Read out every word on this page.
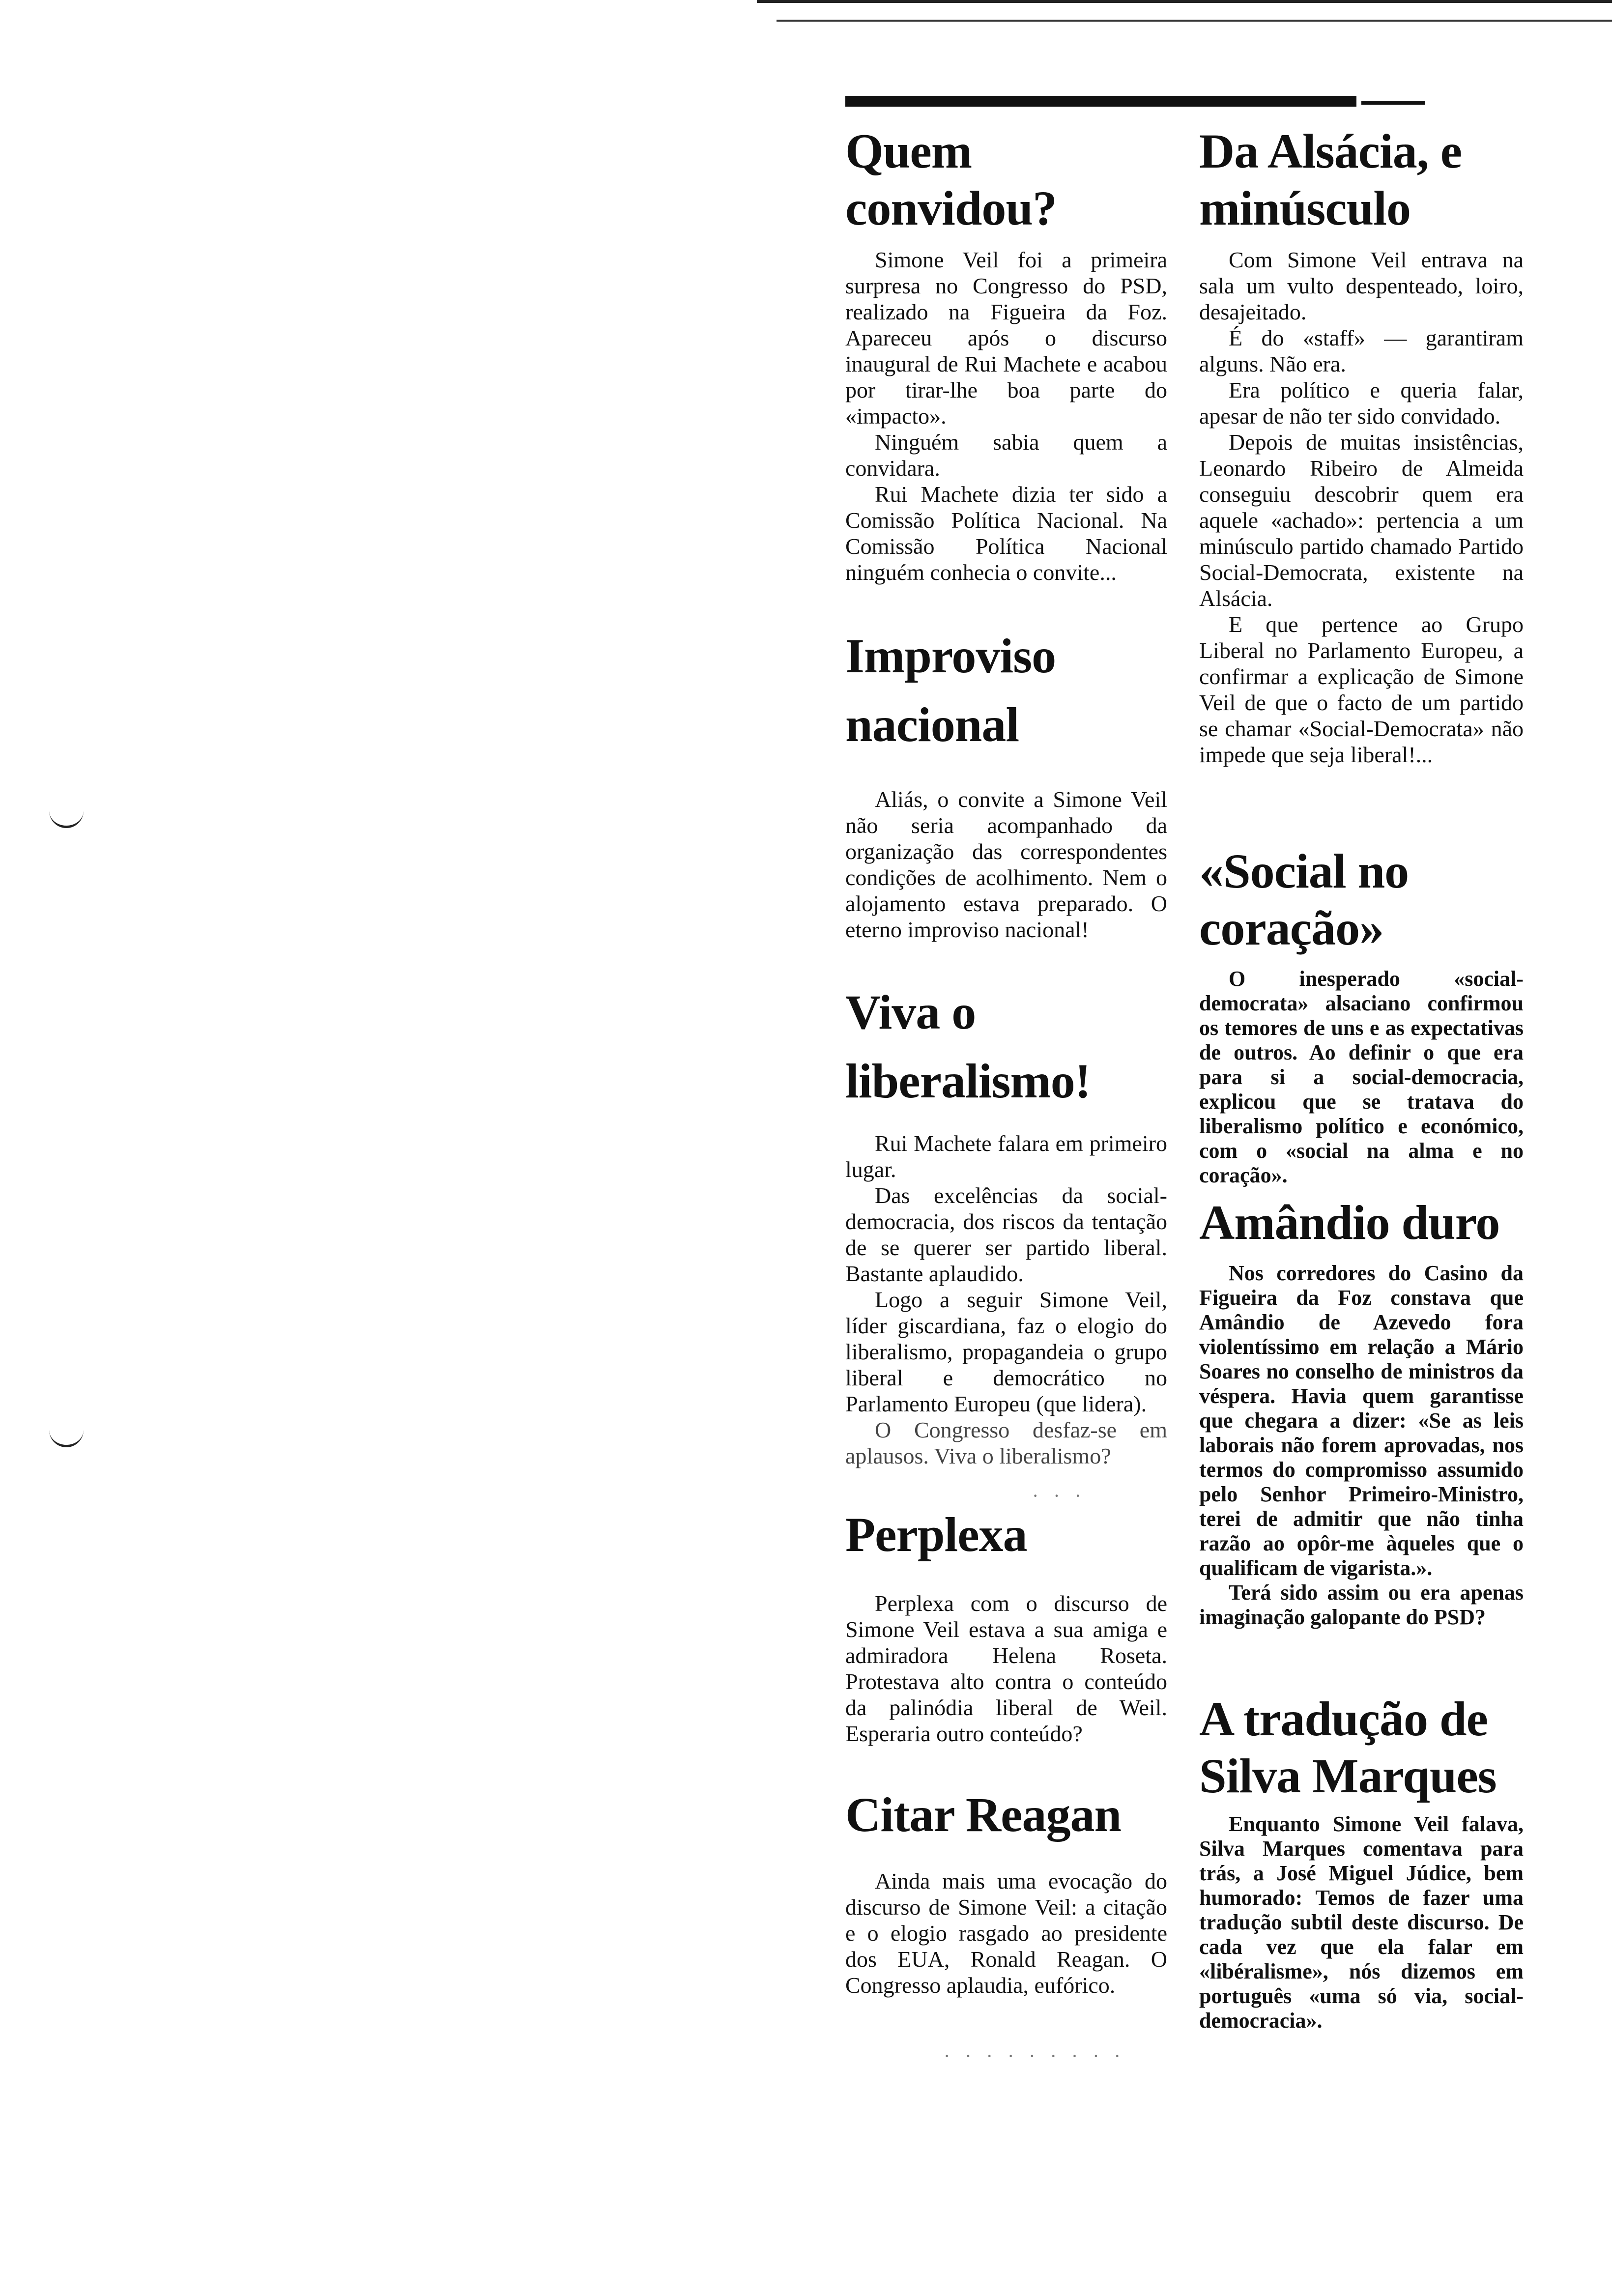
Quem convidou?

Simone Veil foi a primeira surpresa no Congresso do PSD, realizado na Figueira da Foz. Apareceu após o discurso inaugural de Rui Machete e acabou por tirar-lhe boa parte do «impacto».

Ninguém sabia quem a convidara.

Rui Machete dizia ter sido a Comissão Política Nacional. Na Comissão Política Nacional ninguém conhecia o convite...

Improviso nacional

Aliás, o convite a Simone Veil não seria acompanhado da organização das correspondentes condições de acolhimento. Nem o alojamento estava preparado. O eterno improviso nacional!

Viva o liberalismo!

Rui Machete falara em primeiro lugar.

Das excelências da social-democracia, dos riscos da tentação de se querer ser partido liberal. Bastante aplaudido.

Logo a seguir Simone Veil, líder giscardiana, faz o elogio do liberalismo, propagandeia o grupo liberal e democrático no Parlamento Europeu (que lidera).

O Congresso desfaz-se em aplausos. Viva o liberalismo?

· · ·
Perplexa

Perplexa com o discurso de Simone Veil estava a sua amiga e admiradora Helena Roseta. Protestava alto contra o conteúdo da palinódia liberal de Weil. Esperaria outro conteúdo?

Citar Reagan

Ainda mais uma evocação do discurso de Simone Veil: a citação e o elogio rasgado ao presidente dos EUA, Ronald Reagan. O Congresso aplaudia, eufórico.

· · · · · · · · ·
Da Alsácia, e minúsculo

Com Simone Veil entrava na sala um vulto despenteado, loiro, desajeitado.

É do «staff» — garantiram alguns. Não era.

Era político e queria falar, apesar de não ter sido convidado.

Depois de muitas insistências, Leonardo Ribeiro de Almeida conseguiu descobrir quem era aquele «achado»: pertencia a um minúsculo partido chamado Partido Social-Democrata, existente na Alsácia.

E que pertence ao Grupo Liberal no Parlamento Europeu, a confirmar a explicação de Simone Veil de que o facto de um partido se chamar «Social-Democrata» não impede que seja liberal!...

«Social no coração»

O inesperado «social-democrata» alsaciano confirmou os temores de uns e as expectativas de outros. Ao definir o que era para si a social-democracia, explicou que se tratava do liberalismo político e económico, com o «social na alma e no coração».

Amândio duro

Nos corredores do Casino da Figueira da Foz constava que Amândio de Azevedo fora violentíssimo em relação a Mário Soares no conselho de ministros da véspera. Havia quem garantisse que chegara a dizer: «Se as leis laborais não forem aprovadas, nos termos do compromisso assumido pelo Senhor Primeiro-Ministro, terei de admitir que não tinha razão ao opôr-me àqueles que o qualificam de vigarista.».

Terá sido assim ou era apenas imaginação galopante do PSD?

A tradução de Silva Marques

Enquanto Simone Veil falava, Silva Marques comentava para trás, a José Miguel Júdice, bem humorado: Temos de fazer uma tradução subtil deste discurso. De cada vez que ela falar em «libéralisme», nós dizemos em português «uma só via, social-democracia».
